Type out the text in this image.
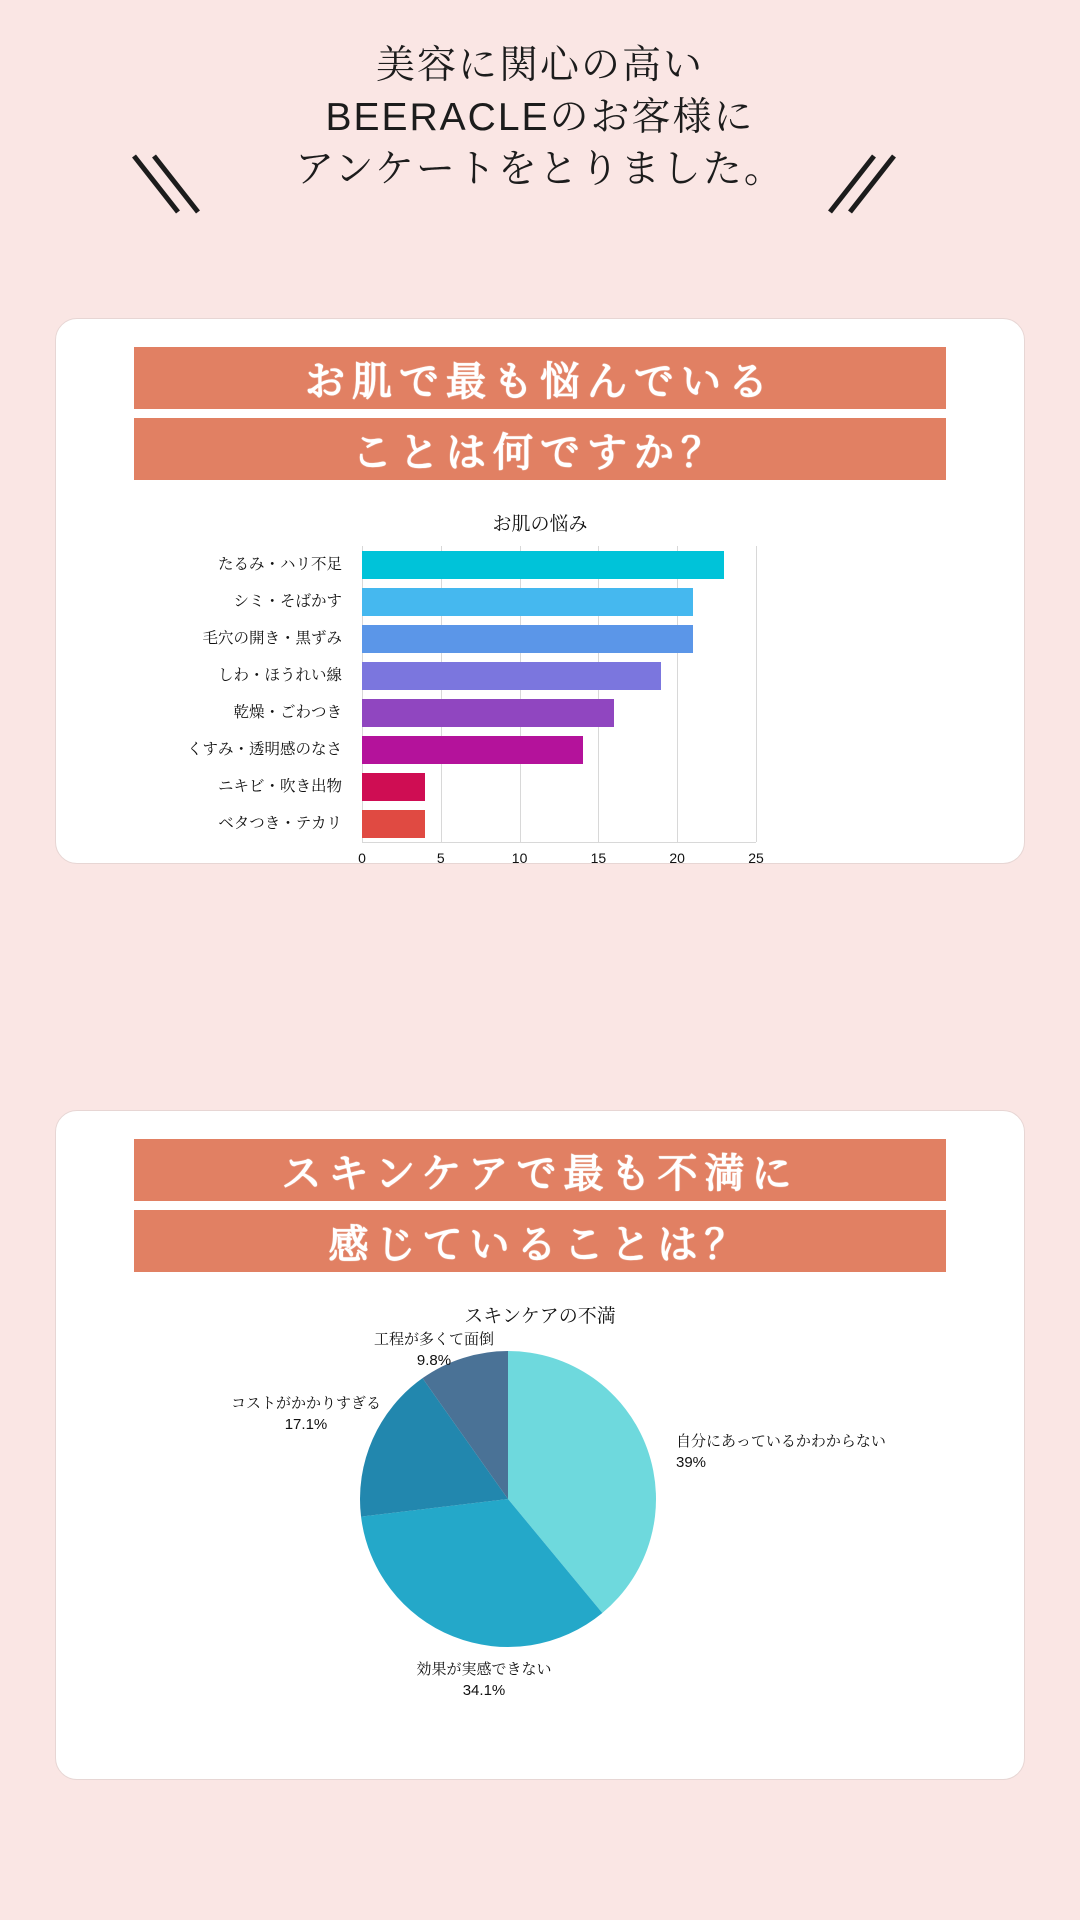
美容に関心の高い
BEERACLEのお客様に
アンケートをとりました。
お肌で最も悩んでいる
ことは何ですか？
お肌の悩み
0	5	10	15	20	25
たるみ・ハリ不足
シミ・そばかす
毛穴の開き・黒ずみ
しわ・ほうれい線
乾燥・ごわつき
くすみ・透明感のなさ
ニキビ・吹き出物
ベタつき・テカリ
スキンケアで最も不満に
感じていることは？
スキンケアの不満
自分にあっているかわからない
39%
効果が実感できない
34.1%
コストがかかりすぎる
17.1%
工程が多くて面倒
9.8%
